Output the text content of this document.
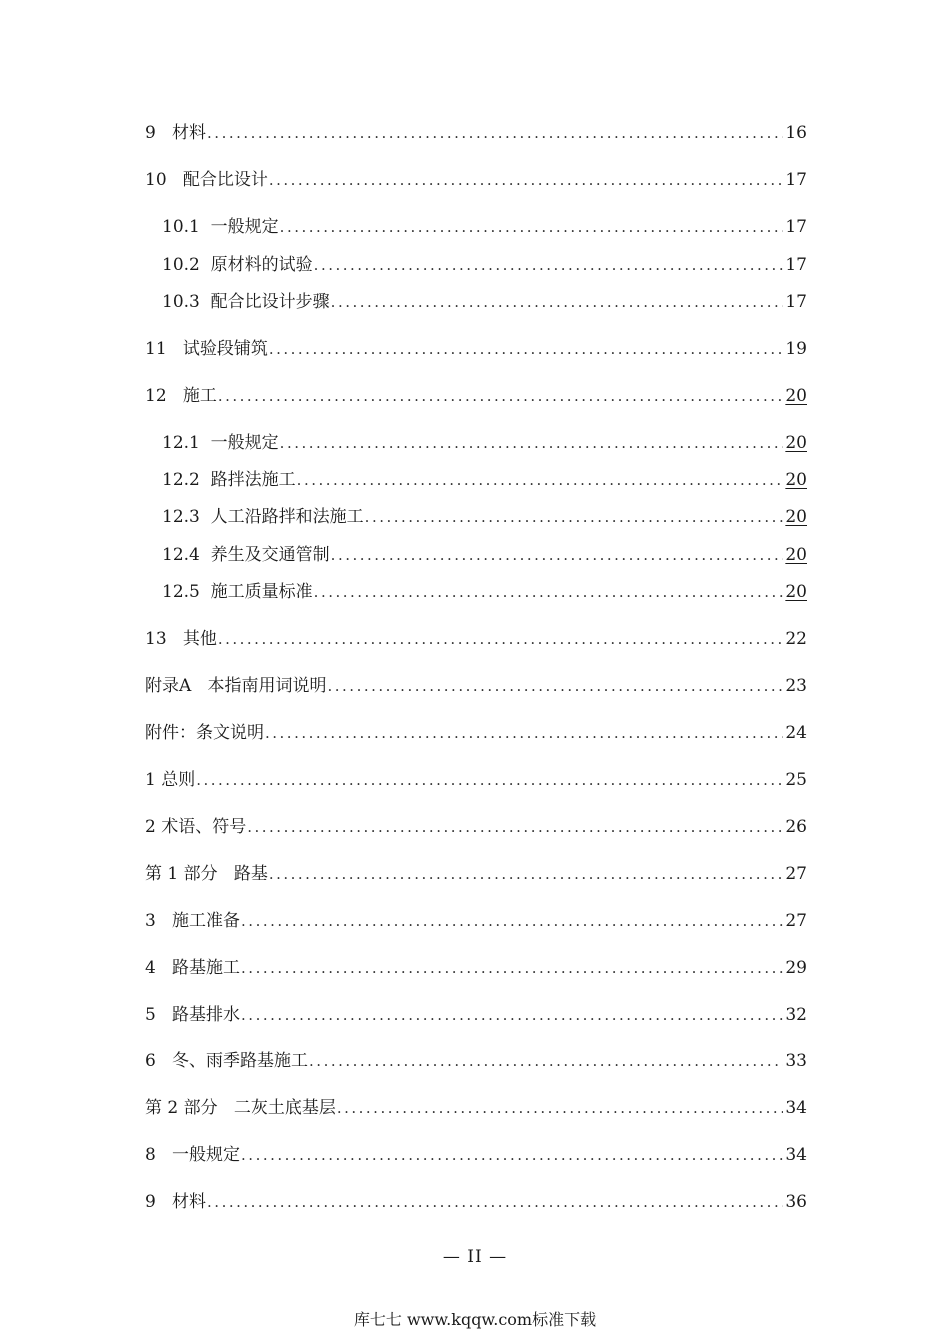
9 材料 .....	16
10 配合比设计 .....	17
10.1 一般规定 .....	17
10.2 原材料的试验 .....	17
10.3 配合比设计步骤 .....	17
11 试验段铺筑 .....	19
12 施工 .....	20
12.1 一般规定 .....	20
12.2 路拌法施工 .....	20
12.3 人工沿路拌和法施工 .....	20
12.4 养生及交通管制 .....	20
12.5 施工质量标准 .....	20
13 其他 .....	22
附录A 本指南用词说明 .....	23
附件：条文说明 .....	24
1 总则 .....	25
2 术语、符号 .....	26
第 1 部分 路基 .....	27
3 施工准备 .....	27
4 路基施工 .....	29
5 路基排水 .....	32
6 冬、雨季路基施工 .....	33
第 2 部分 二灰土底基层 .....	34
8 一般规定 .....	34
9 材料 .....	36
— II —
库七七 www.kqqw.com标准下载
